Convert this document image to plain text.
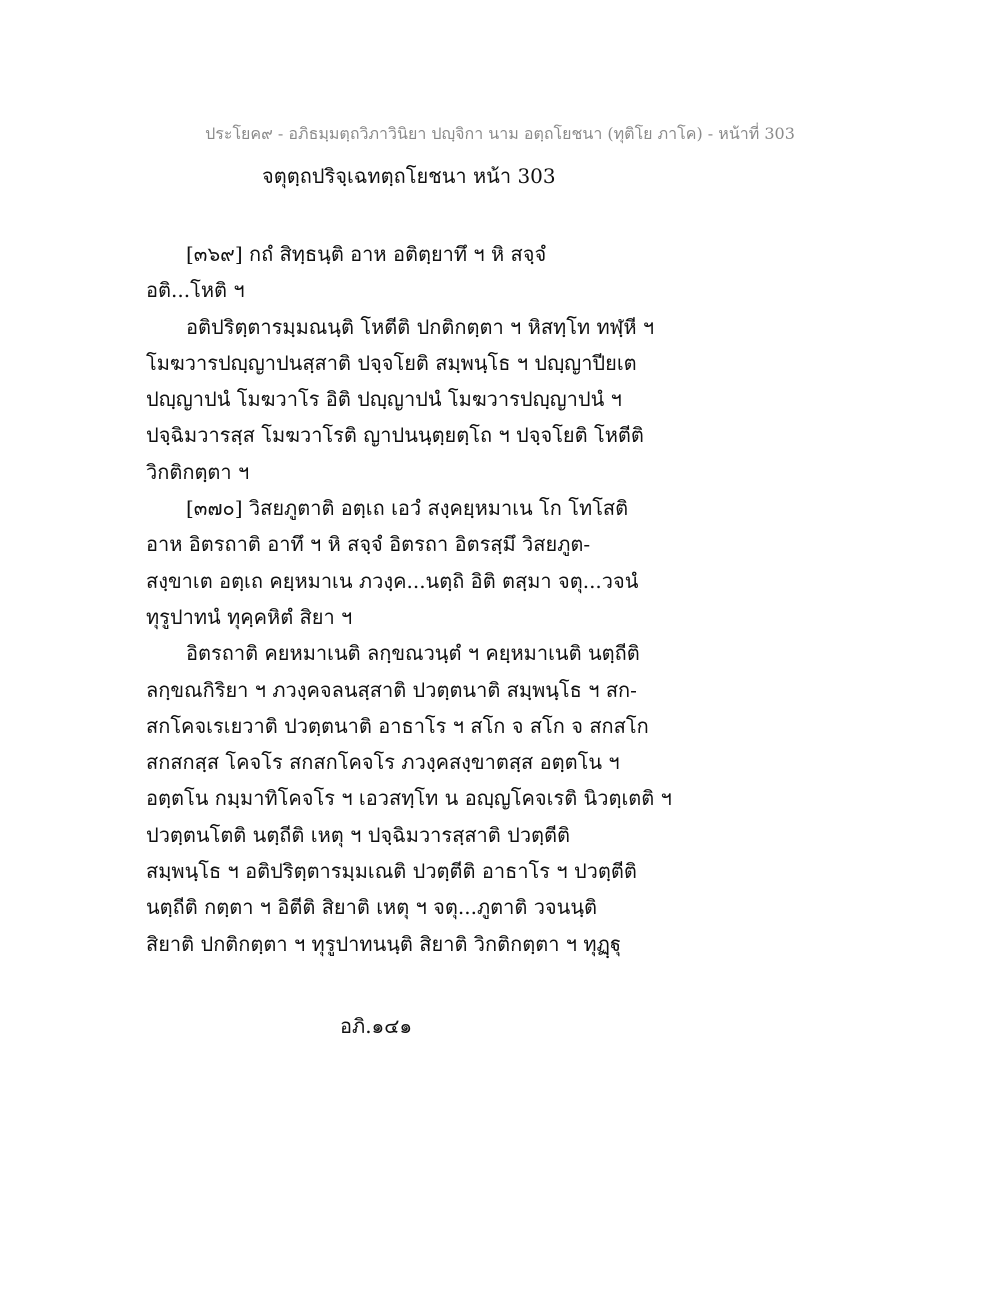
ประโยค๙ - อภิธมฺมตฺถวิภาวินิยา ปญฺจิกา นาม อตฺถโยชนา (ทุติโย ภาโค) - หน้าที่ 303
จตุตฺถปริจฺเฉทตฺถโยชนา หน้า 303
[๓๖๙] กถํ สิทฺธนฺติ อาห อติตฺยาทึ ฯ หิ สจฺจํ
อติ...โหติ ฯ
อติปริตฺตารมฺมณนฺติ โหตีติ ปกติกตฺตา ฯ หิสทฺโท ทฬฺหี ฯ
โมฆวารปญฺญาปนสฺสาติ ปจฺจโยติ สมฺพนฺโธ ฯ ปญฺญาปียเต
ปญฺญาปนํ โมฆวาโร อิติ ปญฺญาปนํ โมฆวารปญฺญาปนํ ฯ
ปจฺฉิมวารสฺส โมฆวาโรติ ญาปนนฺตฺยตฺโถ ฯ ปจฺจโยติ โหตีติ
วิกติกตฺตา ฯ
[๓๗๐] วิสยภูตาติ อตฺเถ เอวํ สงฺคยฺหมาเน โก โทโสติ
อาห อิตรถาติ อาทึ ฯ หิ สจฺจํ อิตรถา อิตรสฺมึ วิสยภูต-
สงฺขาเต อตฺเถ คยฺหมาเน ภวงฺค...นตฺถิ อิติ ตสฺมา จตุ...วจนํ
ทุรูปาทนํ ทุคฺคหิตํ สิยา ฯ
อิตรถาติ คยหมาเนติ ลกฺขณวนฺตํ ฯ คยฺหมาเนติ นตฺถีติ
ลกฺขณกิริยา ฯ ภวงฺคจลนสฺสาติ ปวตฺตนาติ สมฺพนฺโธ ฯ สก-
สกโคจเรเยวาติ ปวตฺตนาติ อาธาโร ฯ สโก จ สโก จ สกสโก
สกสกสฺส โคจโร สกสกโคจโร ภวงฺคสงฺขาตสฺส อตฺตโน ฯ
อตฺตโน กมฺมาทิโคจโร ฯ เอวสทฺโท น อญฺญโคจเรติ นิวตฺเตติ ฯ
ปวตฺตนโตติ นตฺถีติ เหตุ ฯ ปจฺฉิมวารสฺสาติ ปวตฺตีติ
สมฺพนฺโธ ฯ อติปริตฺตารมฺมเณติ ปวตฺตีติ อาธาโร ฯ ปวตฺตีติ
นตฺถีติ กตฺตา ฯ อิตีติ สิยาติ เหตุ ฯ จตุ...ภูตาติ วจนนฺติ
สิยาติ ปกติกตฺตา ฯ ทุรูปาทนนฺติ สิยาติ วิกติกตฺตา ฯ ทุฏฺฐุ
อภิ.๑๔๑
